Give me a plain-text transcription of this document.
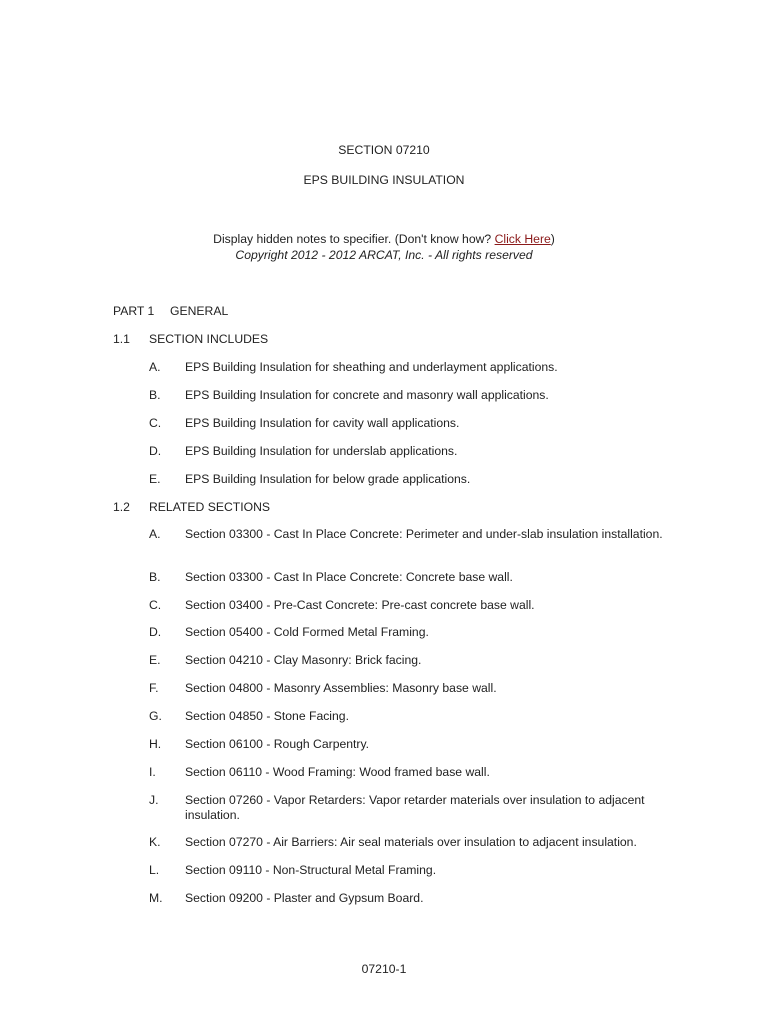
SECTION 07210
EPS BUILDING INSULATION
Display hidden notes to specifier. (Don't know how? Click Here)
Copyright 2012 - 2012 ARCAT, Inc. - All rights reserved
PART 1 GENERAL
1.1 SECTION INCLUDES
A. EPS Building Insulation for sheathing and underlayment applications.
B. EPS Building Insulation for concrete and masonry wall applications.
C. EPS Building Insulation for cavity wall applications.
D. EPS Building Insulation for underslab applications.
E. EPS Building Insulation for below grade applications.
1.2 RELATED SECTIONS
A. Section 03300 - Cast In Place Concrete: Perimeter and under-slab insulation installation.
B. Section 03300 - Cast In Place Concrete: Concrete base wall.
C. Section 03400 - Pre-Cast Concrete: Pre-cast concrete base wall.
D. Section 05400 - Cold Formed Metal Framing.
E. Section 04210 - Clay Masonry: Brick facing.
F. Section 04800 - Masonry Assemblies: Masonry base wall.
G. Section 04850 - Stone Facing.
H. Section 06100 - Rough Carpentry.
I. Section 06110 - Wood Framing: Wood framed base wall.
J. Section 07260 - Vapor Retarders: Vapor retarder materials over insulation to adjacent insulation.
K. Section 07270 - Air Barriers: Air seal materials over insulation to adjacent insulation.
L. Section 09110 - Non-Structural Metal Framing.
M. Section 09200 - Plaster and Gypsum Board.
07210-1
